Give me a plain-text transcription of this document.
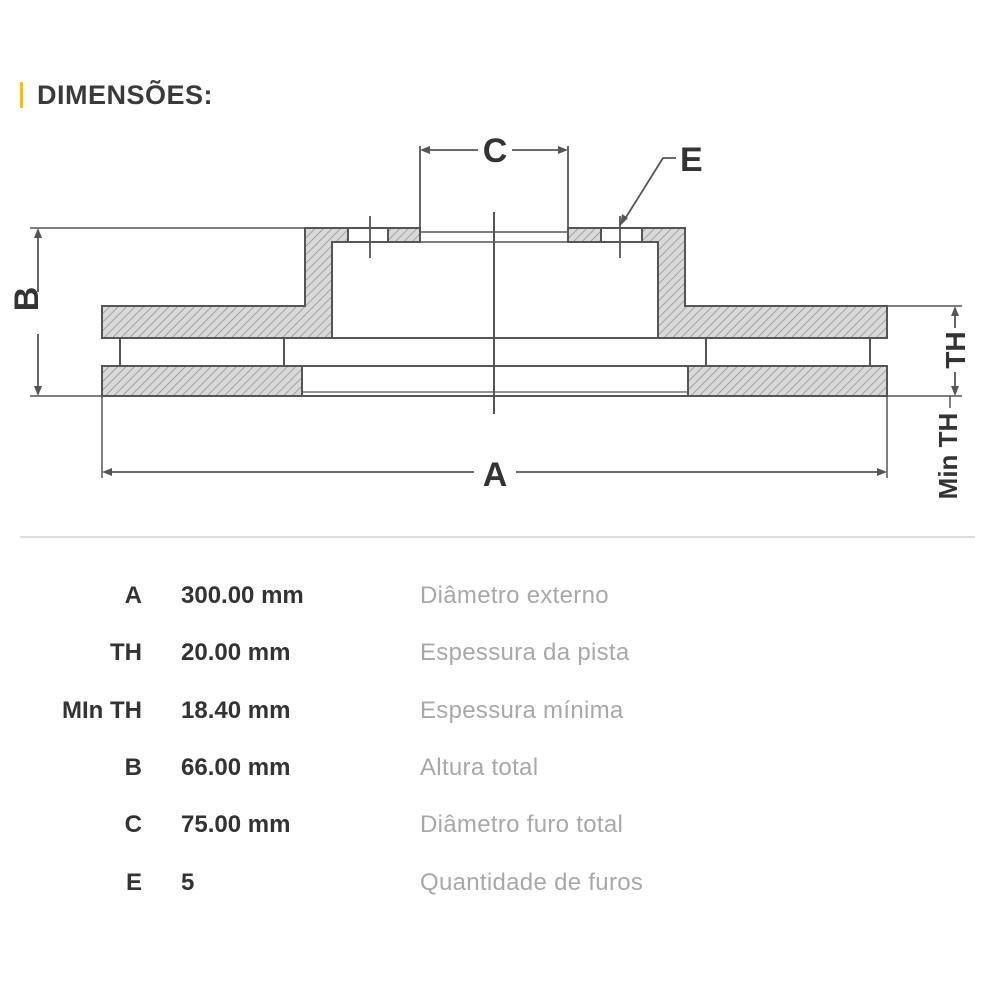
DIMENSÕES:
C	E
B
A
TH
Min TH
A 300.00 mm	Diâmetro externo
TH 20.00 mm	Espessura da pista
MIn TH 18.40 mm	Espessura mínima
B 66.00 mm	Altura total
C 75.00 mm	Diâmetro furo total
E 5	Quantidade de furos
